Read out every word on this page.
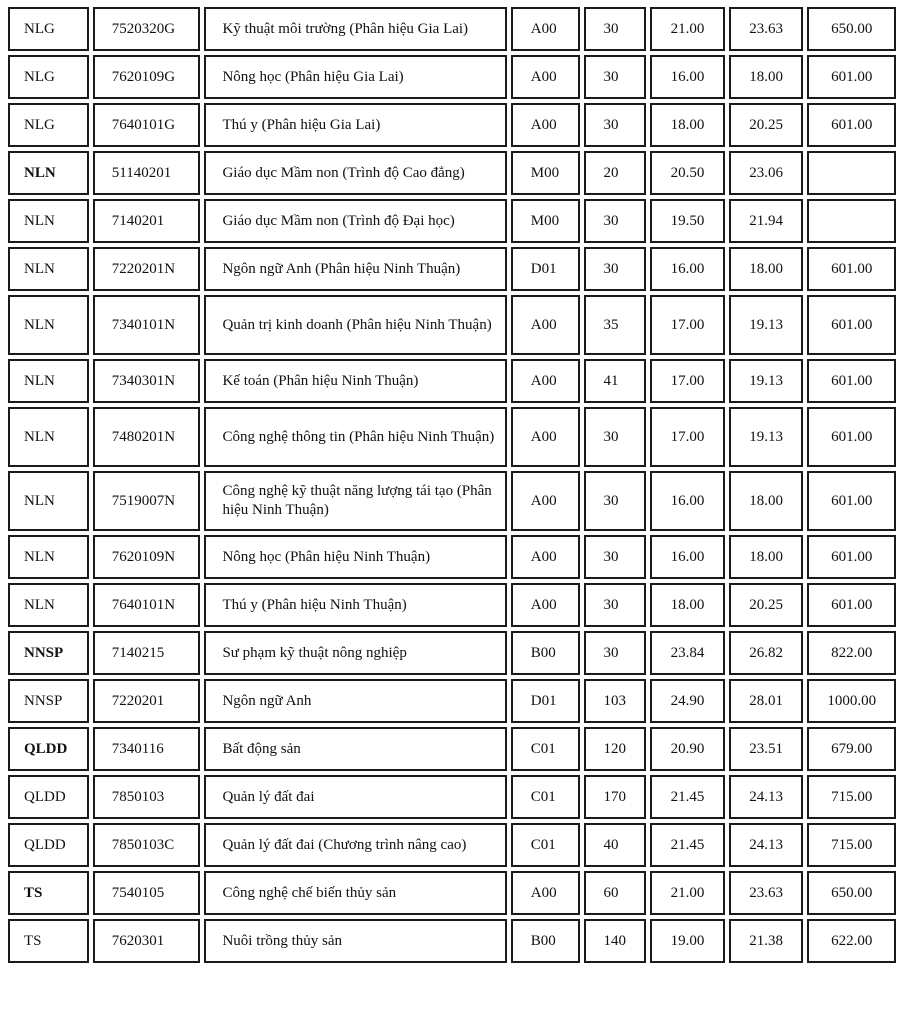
NLG	7520320G	Kỹ thuật môi trường (Phân hiệu Gia Lai)	A00	30	21.00	23.63	650.00
NLG	7620109G	Nông học (Phân hiệu Gia Lai)	A00	30	16.00	18.00	601.00
NLG	7640101G	Thú y (Phân hiệu Gia Lai)	A00	30	18.00	20.25	601.00
NLN	51140201	Giáo dục Mầm non (Trình độ Cao đẳng)	M00	20	20.50	23.06	
NLN	7140201	Giáo dục Mầm non (Trình độ Đại học)	M00	30	19.50	21.94	
NLN	7220201N	Ngôn ngữ Anh (Phân hiệu Ninh Thuận)	D01	30	16.00	18.00	601.00
NLN	7340101N	Quản trị kinh doanh (Phân hiệu Ninh Thuận)	A00	35	17.00	19.13	601.00
NLN	7340301N	Kế toán (Phân hiệu Ninh Thuận)	A00	41	17.00	19.13	601.00
NLN	7480201N	Công nghệ thông tin (Phân hiệu Ninh Thuận)	A00	30	17.00	19.13	601.00
NLN	7519007N	Công nghệ kỹ thuật năng lượng tái tạo (Phân hiệu Ninh Thuận)	A00	30	16.00	18.00	601.00
NLN	7620109N	Nông học (Phân hiệu Ninh Thuận)	A00	30	16.00	18.00	601.00
NLN	7640101N	Thú y (Phân hiệu Ninh Thuận)	A00	30	18.00	20.25	601.00
NNSP	7140215	Sư phạm kỹ thuật nông nghiệp	B00	30	23.84	26.82	822.00
NNSP	7220201	Ngôn ngữ Anh	D01	103	24.90	28.01	1000.00
QLDD	7340116	Bất động sản	C01	120	20.90	23.51	679.00
QLDD	7850103	Quản lý đất đai	C01	170	21.45	24.13	715.00
QLDD	7850103C	Quản lý đất đai (Chương trình nâng cao)	C01	40	21.45	24.13	715.00
TS	7540105	Công nghệ chế biến thủy sản	A00	60	21.00	23.63	650.00
TS	7620301	Nuôi trồng thủy sản	B00	140	19.00	21.38	622.00
